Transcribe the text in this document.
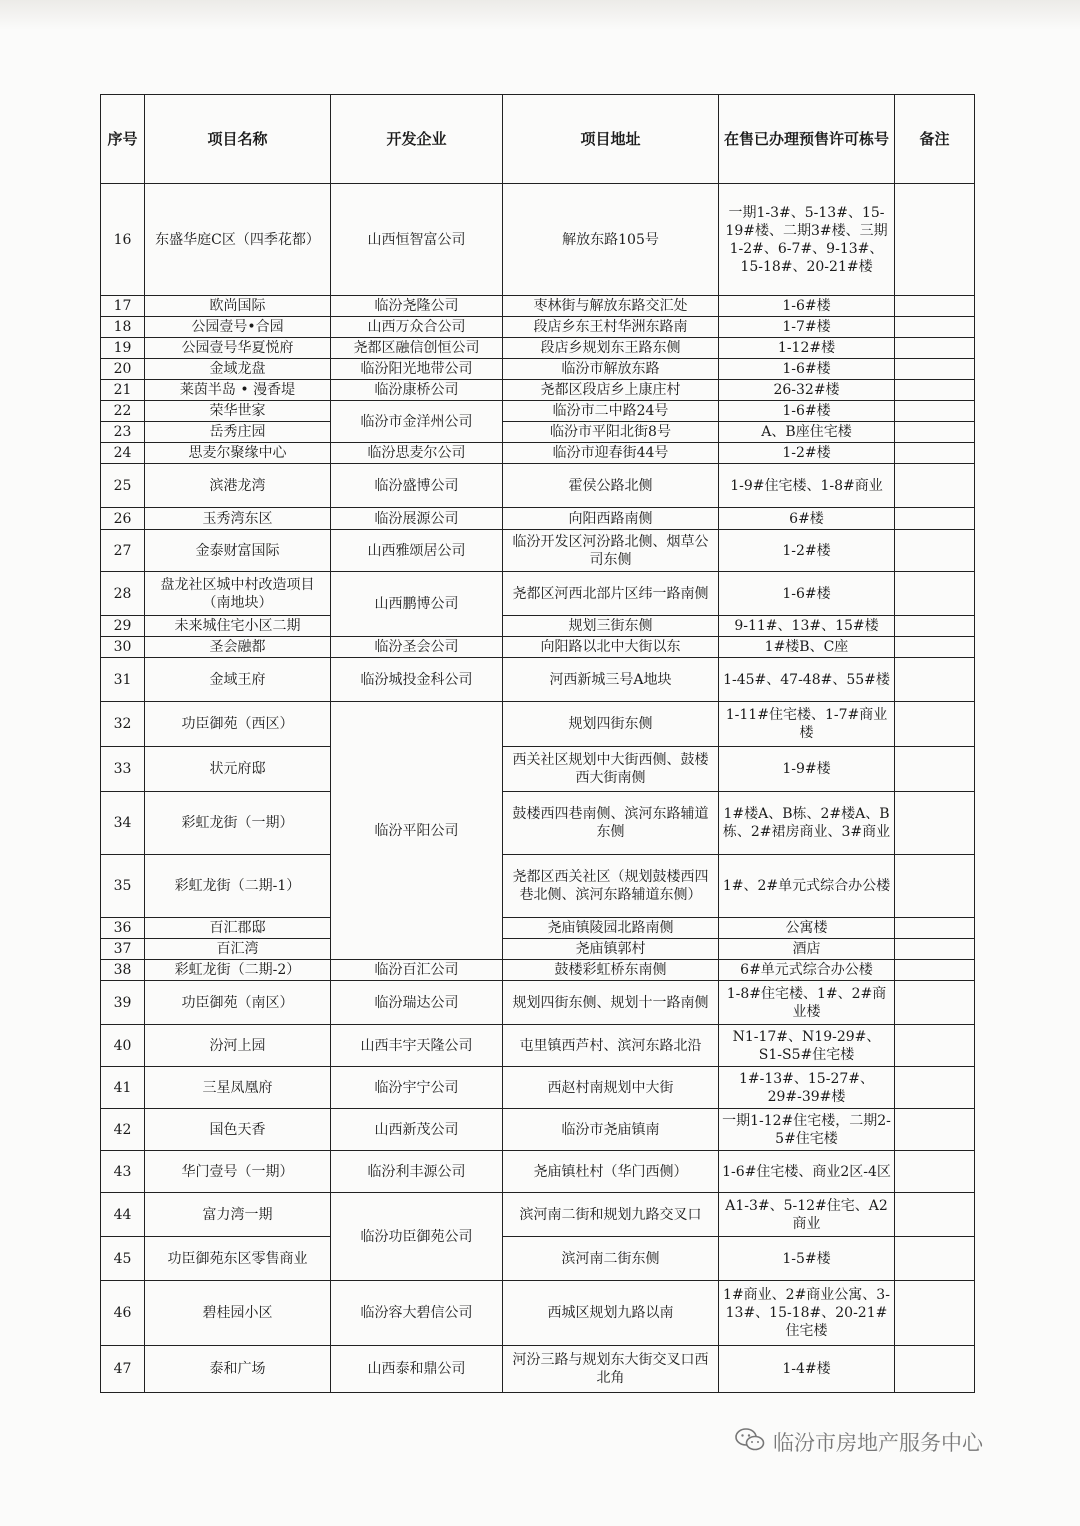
序号	项目名称	开发企业	项目地址	在售已办理预售许可栋号	备注
16	东盛华庭C区（四季花都）	山西恒智富公司	解放东路105号	一期1-3#、5-13#、15-19#楼、二期3#楼、三期1-2#、6-7#、9-13#、15-18#、20-21#楼	
17	欧尚国际	临汾尧隆公司	枣林街与解放东路交汇处	1-6#楼	
18	公园壹号•合园	山西万众合公司	段店乡东王村华洲东路南	1-7#楼	
19	公园壹号华夏悦府	尧都区融信创恒公司	段店乡规划东王路东侧	1-12#楼	
20	金域龙盘	临汾阳光地带公司	临汾市解放东路	1-6#楼	
21	莱茵半岛 • 漫香堤	临汾康桥公司	尧都区段店乡上康庄村	26-32#楼	
22	荣华世家	临汾市金洋州公司	临汾市二中路24号	1-6#楼	
23	岳秀庄园		临汾市平阳北街8号	A、B座住宅楼	
24	思麦尔聚缘中心	临汾思麦尔公司	临汾市迎春街44号	1-2#楼	
25	滨港龙湾	临汾盛博公司	霍侯公路北侧	1-9#住宅楼、1-8#商业	
26	玉秀湾东区	临汾展源公司	向阳西路南侧	6#楼	
27	金泰财富国际	山西雅颂居公司	临汾开发区河汾路北侧、烟草公司东侧	1-2#楼	
28	盘龙社区城中村改造项目（南地块）	山西鹏博公司	尧都区河西北部片区纬一路南侧	1-6#楼	
29	未来城住宅小区二期		规划三街东侧	9-11#、13#、15#楼	
30	圣会融都	临汾圣会公司	向阳路以北中大街以东	1#楼B、C座	
31	金域王府	临汾城投金科公司	河西新城三号A地块	1-45#、47-48#、55#楼	
32	功臣御苑（西区）	临汾平阳公司	规划四街东侧	1-11#住宅楼、1-7#商业楼	
33	状元府邸		西关社区规划中大街西侧、鼓楼西大街南侧	1-9#楼	
34	彩虹龙街（一期）		鼓楼西四巷南侧、滨河东路辅道东侧	1#楼A、B栋、2#楼A、B栋、2#裙房商业、3#商业	
35	彩虹龙街（二期-1）		尧都区西关社区（规划鼓楼西四巷北侧、滨河东路辅道东侧）	1#、2#单元式综合办公楼	
36	百汇郡邸		尧庙镇陵园北路南侧	公寓楼	
37	百汇湾		尧庙镇郭村	酒店	
38	彩虹龙街（二期-2）	临汾百汇公司	鼓楼彩虹桥东南侧	6#单元式综合办公楼	
39	功臣御苑（南区）	临汾瑞达公司	规划四街东侧、规划十一路南侧	1-8#住宅楼、1#、2#商业楼	
40	汾河上园	山西丰宇天隆公司	屯里镇西芦村、滨河东路北沿	N1-17#、N19-29#、S1-S5#住宅楼	
41	三星凤凰府	临汾宇宁公司	西赵村南规划中大街	1#-13#、15-27#、29#-39#楼	
42	国色天香	山西新茂公司	临汾市尧庙镇南	一期1-12#住宅楼，二期2-5#住宅楼	
43	华门壹号（一期）	临汾利丰源公司	尧庙镇杜村（华门西侧）	1-6#住宅楼、商业2区-4区	
44	富力湾一期	临汾功臣御苑公司	滨河南二街和规划九路交叉口	A1-3#、5-12#住宅、A2商业	
45	功臣御苑东区零售商业		滨河南二街东侧	1-5#楼	
46	碧桂园小区	临汾容大碧信公司	西城区规划九路以南	1#商业、2#商业公寓、3-13#、15-18#、20-21#住宅楼	
47	泰和广场	山西泰和鼎公司	河汾三路与规划东大街交叉口西北角	1-4#楼	
临汾市房地产服务中心
